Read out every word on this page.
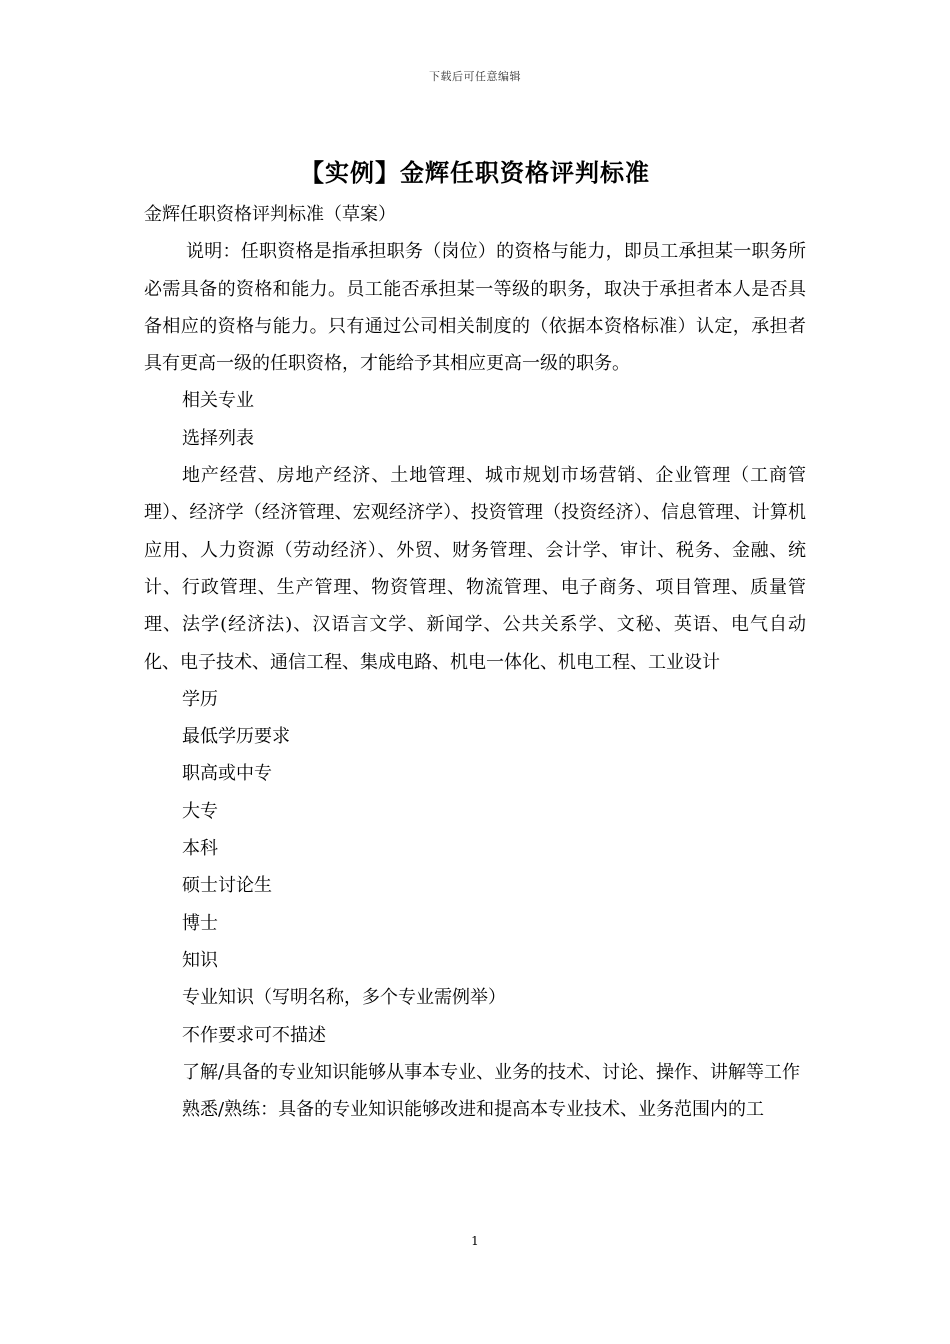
下载后可任意编辑
【实例】金辉任职资格评判标准

金辉任职资格评判标准（草案）

说明：任职资格是指承担职务（岗位）的资格与能力，即员工承担某一职务所必需具备的资格和能力。员工能否承担某一等级的职务，取决于承担者本人是否具备相应的资格与能力。只有通过公司相关制度的（依据本资格标准）认定，承担者具有更高一级的任职资格，才能给予其相应更高一级的职务。

相关专业

选择列表

地产经营、房地产经济、土地管理、城市规划市场营销、企业管理（工商管理）、经济学（经济管理、宏观经济学）、投资管理（投资经济）、信息管理、计算机应用、人力资源（劳动经济）、外贸、财务管理、会计学、审计、税务、金融、统计、行政管理、生产管理、物资管理、物流管理、电子商务、项目管理、质量管理、法学(经济法)、汉语言文学、新闻学、公共关系学、文秘、英语、电气自动化、电子技术、通信工程、集成电路、机电一体化、机电工程、工业设计

学历

最低学历要求

职高或中专

大专

本科

硕士讨论生

博士

知识

专业知识（写明名称，多个专业需例举）

不作要求可不描述

了解/具备的专业知识能够从事本专业、业务的技术、讨论、操作、讲解等工作

熟悉/熟练：具备的专业知识能够改进和提高本专业技术、业务范围内的工

1
